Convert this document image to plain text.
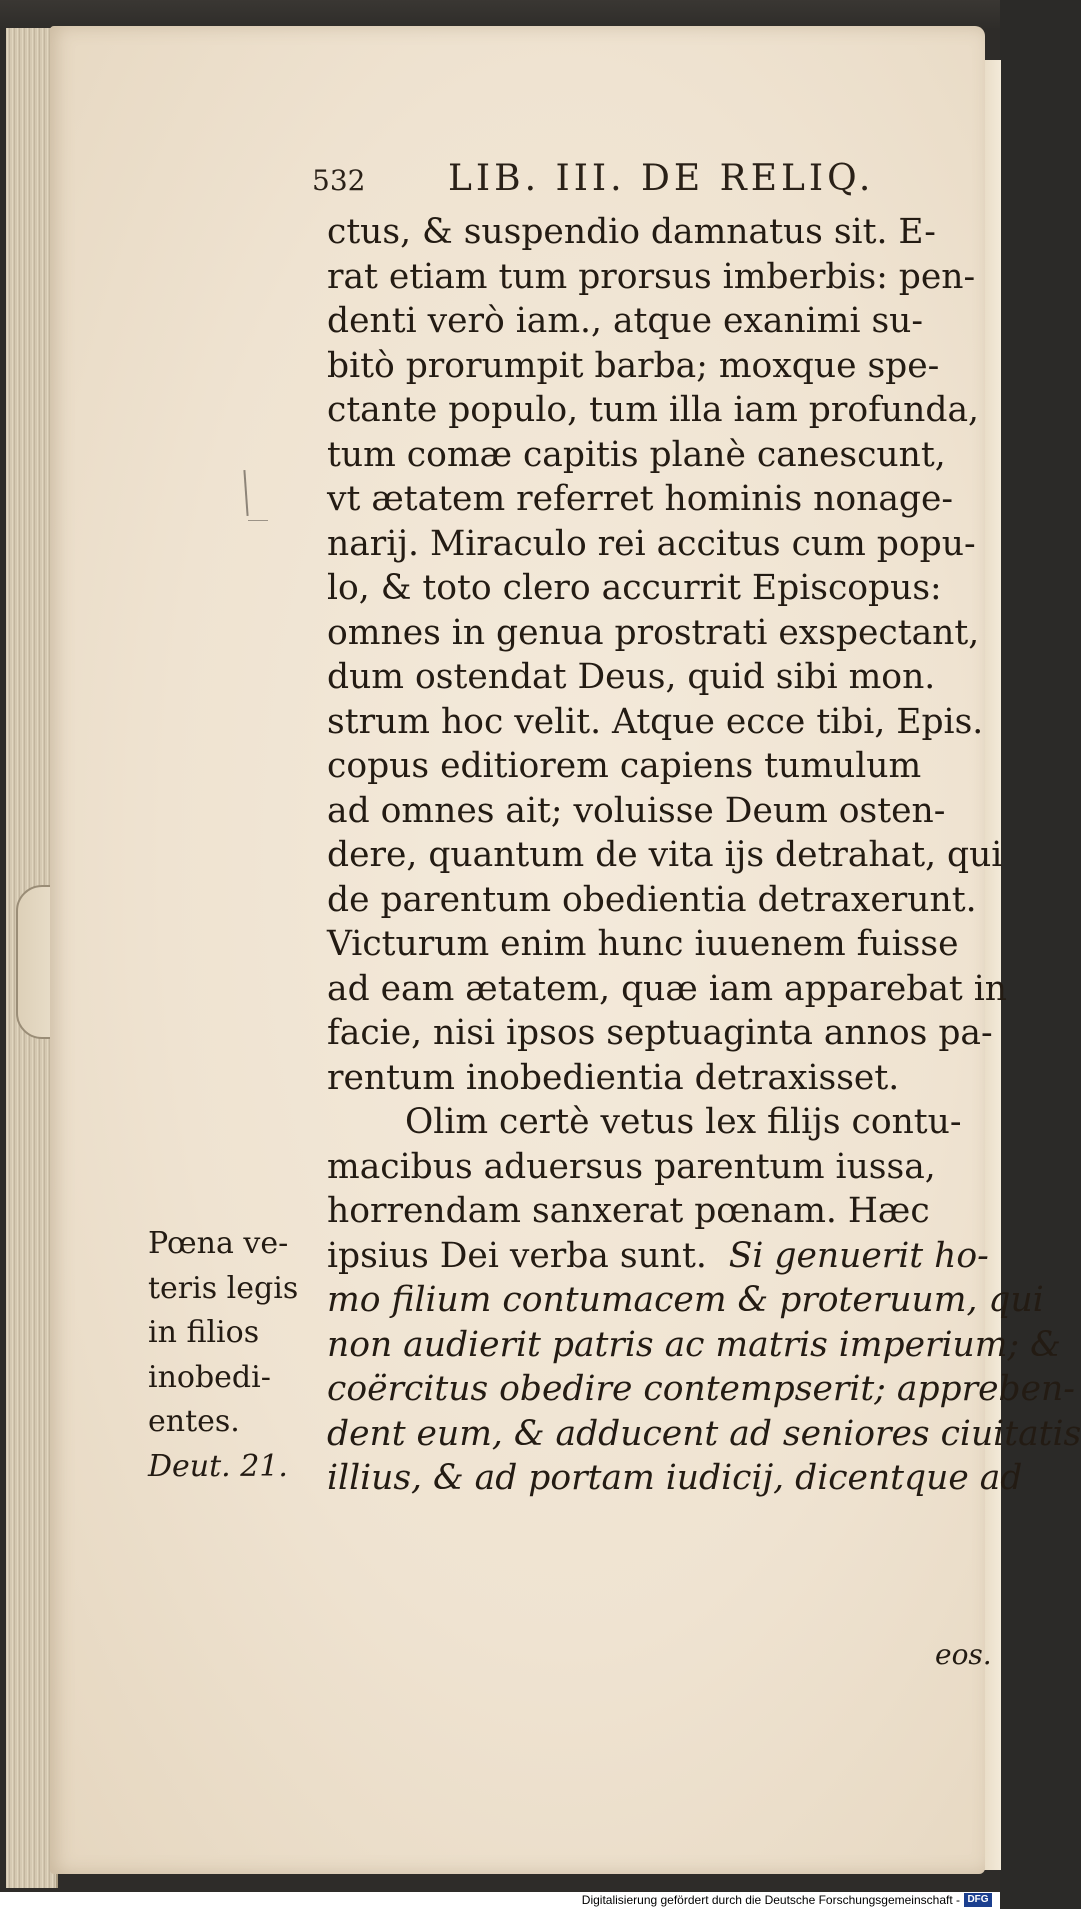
532 LIB. III. DE RELIQ.
ctus, & suspendio damnatus sit. E-
rat etiam tum prorsus imberbis: pen-
denti verò iam., atque exanimi su-
bitò prorumpit barba; moxque spe-
ctante populo, tum illa iam profunda,
tum comæ capitis planè canescunt,
vt ætatem referret hominis nonage-
narij. Miraculo rei accitus cum popu-
lo, & toto clero accurrit Episcopus:
omnes in genua prostrati exspectant,
dum ostendat Deus, quid sibi mon.
strum hoc velit. Atque ecce tibi, Epis.
copus editiorem capiens tumulum
ad omnes ait; voluisse Deum osten-
dere, quantum de vita ijs detrahat, qui
de parentum obedientia detraxerunt.
Victurum enim hunc iuuenem fuisse
ad eam ætatem, quæ iam apparebat in
facie, nisi ipsos septuaginta annos pa-
rentum inobedientia detraxisset.
Olim certè vetus lex filijs contu-
macibus aduersus parentum iussa,
horrendam sanxerat pœnam. Hæc
ipsius Dei verba sunt. Si genuerit ho-
mo filium contumacem & proteruum, qui
non audierit patris ac matris imperium; &
coërcitus obedire contempserit; appreben-
dent eum, & adducent ad seniores ciuitatis
illius, & ad portam iudicij, dicentque ad
eos.
Pœna ve-
teris legis
in filios
inobedi-
entes.
Deut. 21.
Digitalisierung gefördert durch die Deutsche Forschungsgemeinschaft - DFG
